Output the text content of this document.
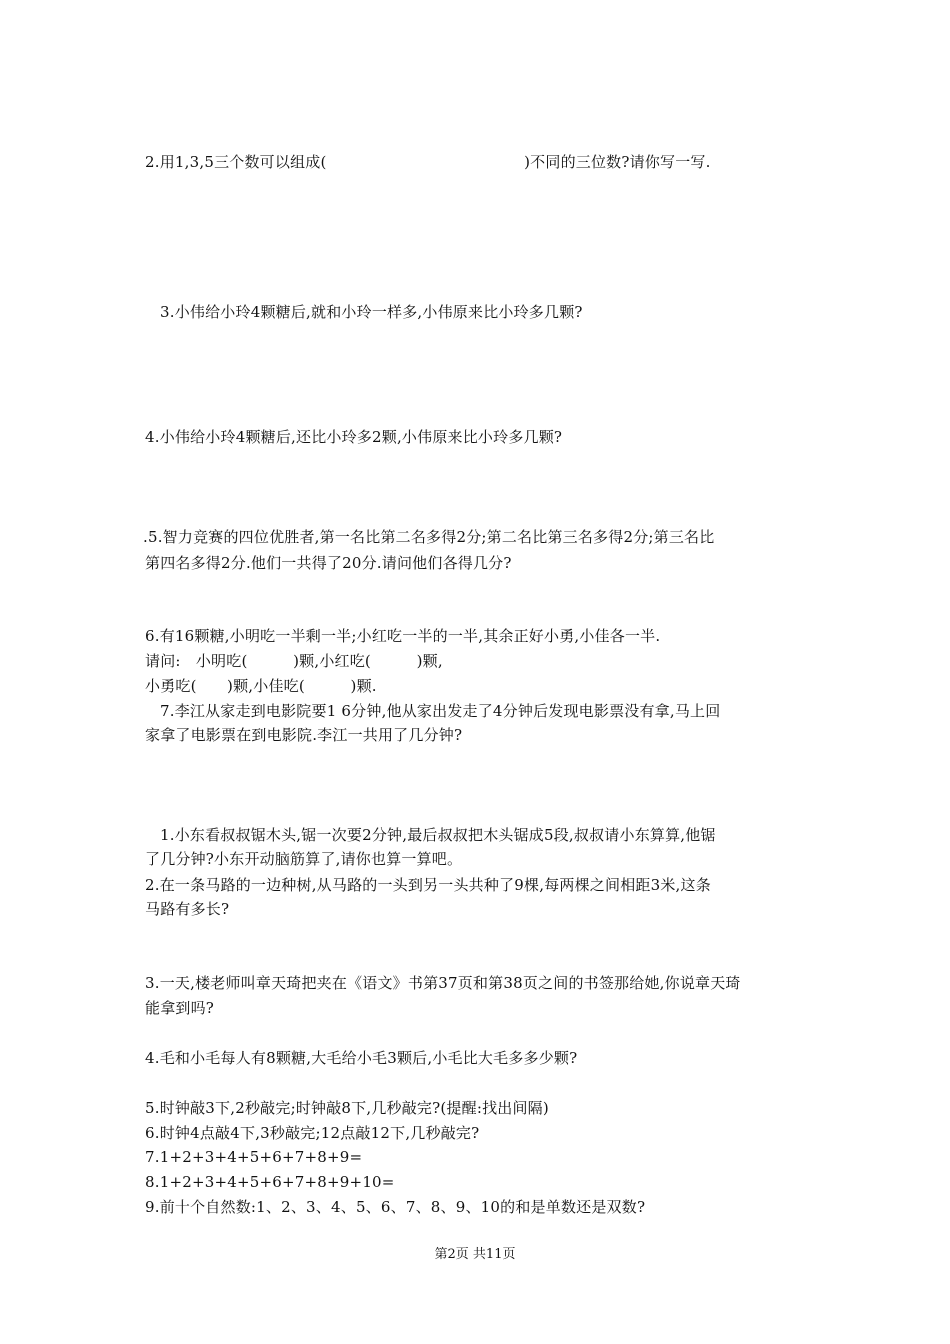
2.用1,3,5三个数可以组成(　　　　　　　　　　　　　)不同的三位数?请你写一写.
3.小伟给小玲4颗糖后,就和小玲一样多,小伟原来比小玲多几颗?
4.小伟给小玲4颗糖后,还比小玲多2颗,小伟原来比小玲多几颗?
.5.智力竞赛的四位优胜者,第一名比第二名多得2分;第二名比第三名多得2分;第三名比
第四名多得2分.他们一共得了20分.请问他们各得几分?
6.有16颗糖,小明吃一半剩一半;小红吃一半的一半,其余正好小勇,小佳各一半.
请问:　小明吃(　　　)颗,小红吃(　　　)颗,
小勇吃(　　)颗,小佳吃(　　　)颗.
7.李江从家走到电影院要1 6分钟,他从家出发走了4分钟后发现电影票没有拿,马上回
家拿了电影票在到电影院.李江一共用了几分钟?
1.小东看叔叔锯木头,锯一次要2分钟,最后叔叔把木头锯成5段,叔叔请小东算算,他锯
了几分钟?小东开动脑筋算了,请你也算一算吧。
2.在一条马路的一边种树,从马路的一头到另一头共种了9棵,每两棵之间相距3米,这条
马路有多长?
3.一天,楼老师叫章天琦把夹在《语文》书第37页和第38页之间的书签那给她,你说章天琦
能拿到吗?
4.毛和小毛每人有8颗糖,大毛给小毛3颗后,小毛比大毛多多少颗?
5.时钟敲3下,2秒敲完;时钟敲8下,几秒敲完?(提醒:找出间隔)
6.时钟4点敲4下,3秒敲完;12点敲12下,几秒敲完?
7.1+2+3+4+5+6+7+8+9=
8.1+2+3+4+5+6+7+8+9+10=
9.前十个自然数:1、2、3、4、5、6、7、8、9、10的和是单数还是双数?
第2页 共11页
